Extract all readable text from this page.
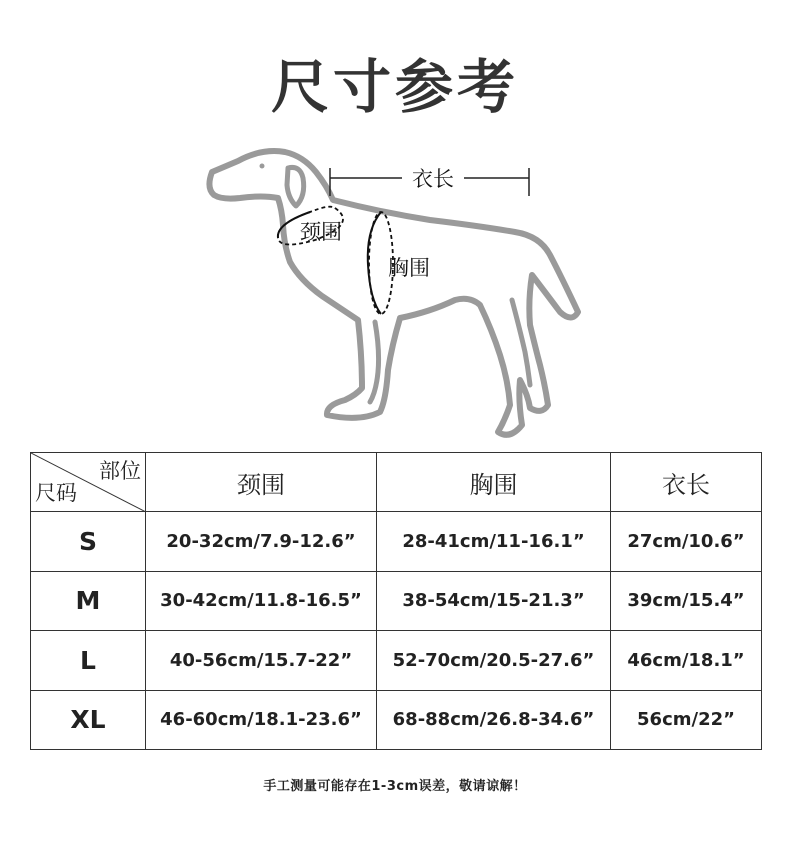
尺寸参考
衣长
颈围
胸围
部位
尺码	颈围	胸围	衣长
S	20-32cm/7.9-12.6”	28-41cm/11-16.1”	27cm/10.6”
M	30-42cm/11.8-16.5”	38-54cm/15-21.3”	39cm/15.4”
L	40-56cm/15.7-22”	52-70cm/20.5-27.6”	46cm/18.1”
XL	46-60cm/18.1-23.6”	68-88cm/26.8-34.6”	56cm/22”
手工测量可能存在1-3cm误差，敬请谅解！
